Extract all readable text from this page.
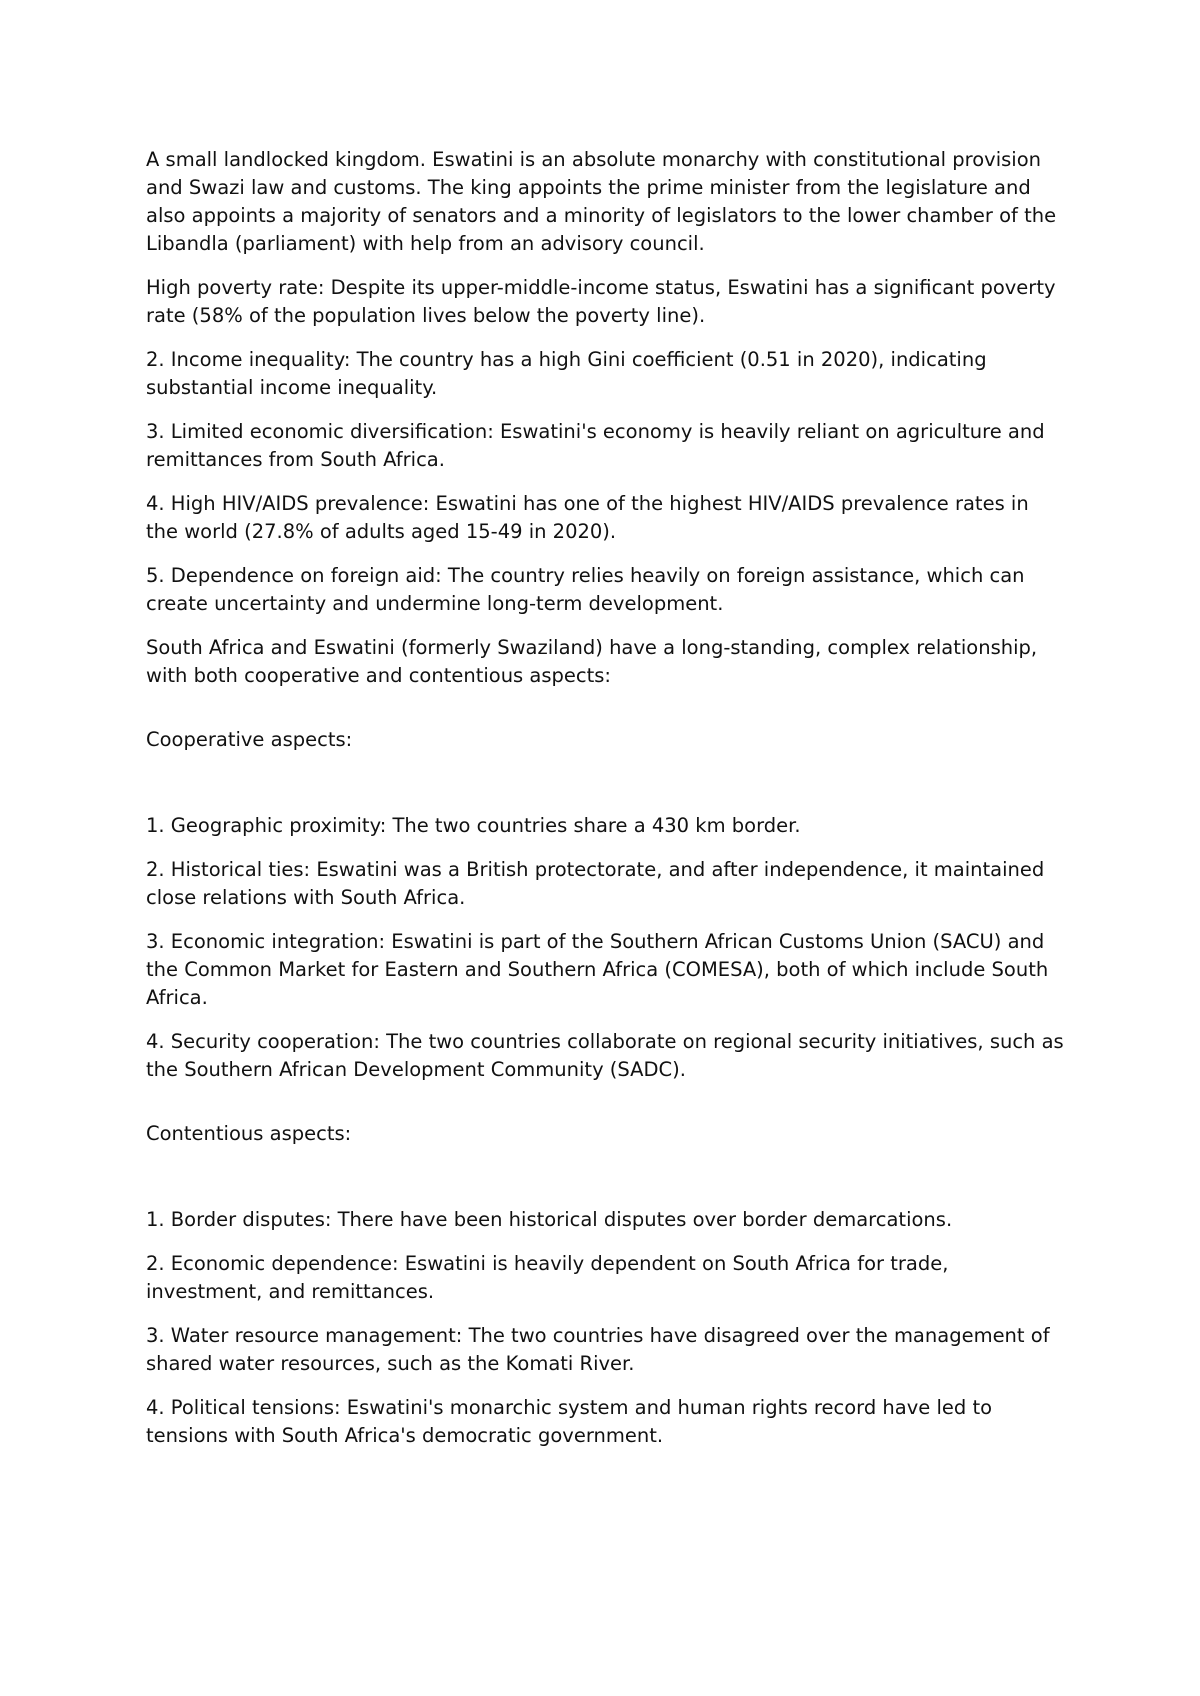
A small landlocked kingdom. Eswatini is an absolute monarchy with constitutional provision and Swazi law and customs. The king appoints the prime minister from the legislature and also appoints a majority of senators and a minority of legislators to the lower chamber of the Libandla (parliament) with help from an advisory council.

High poverty rate: Despite its upper-middle-income status, Eswatini has a significant poverty rate (58% of the population lives below the poverty line).

2. Income inequality: The country has a high Gini coefficient (0.51 in 2020), indicating substantial income inequality.

3. Limited economic diversification: Eswatini's economy is heavily reliant on agriculture and remittances from South Africa.

4. High HIV/AIDS prevalence: Eswatini has one of the highest HIV/AIDS prevalence rates in the world (27.8% of adults aged 15-49 in 2020).

5. Dependence on foreign aid: The country relies heavily on foreign assistance, which can create uncertainty and undermine long-term development.

South Africa and Eswatini (formerly Swaziland) have a long-standing, complex relationship, with both cooperative and contentious aspects:

Cooperative aspects:

1. Geographic proximity: The two countries share a 430 km border.

2. Historical ties: Eswatini was a British protectorate, and after independence, it maintained close relations with South Africa.

3. Economic integration: Eswatini is part of the Southern African Customs Union (SACU) and the Common Market for Eastern and Southern Africa (COMESA), both of which include South Africa.

4. Security cooperation: The two countries collaborate on regional security initiatives, such as the Southern African Development Community (SADC).

Contentious aspects:

1. Border disputes: There have been historical disputes over border demarcations.

2. Economic dependence: Eswatini is heavily dependent on South Africa for trade, investment, and remittances.

3. Water resource management: The two countries have disagreed over the management of shared water resources, such as the Komati River.

4. Political tensions: Eswatini's monarchic system and human rights record have led to tensions with South Africa's democratic government.
